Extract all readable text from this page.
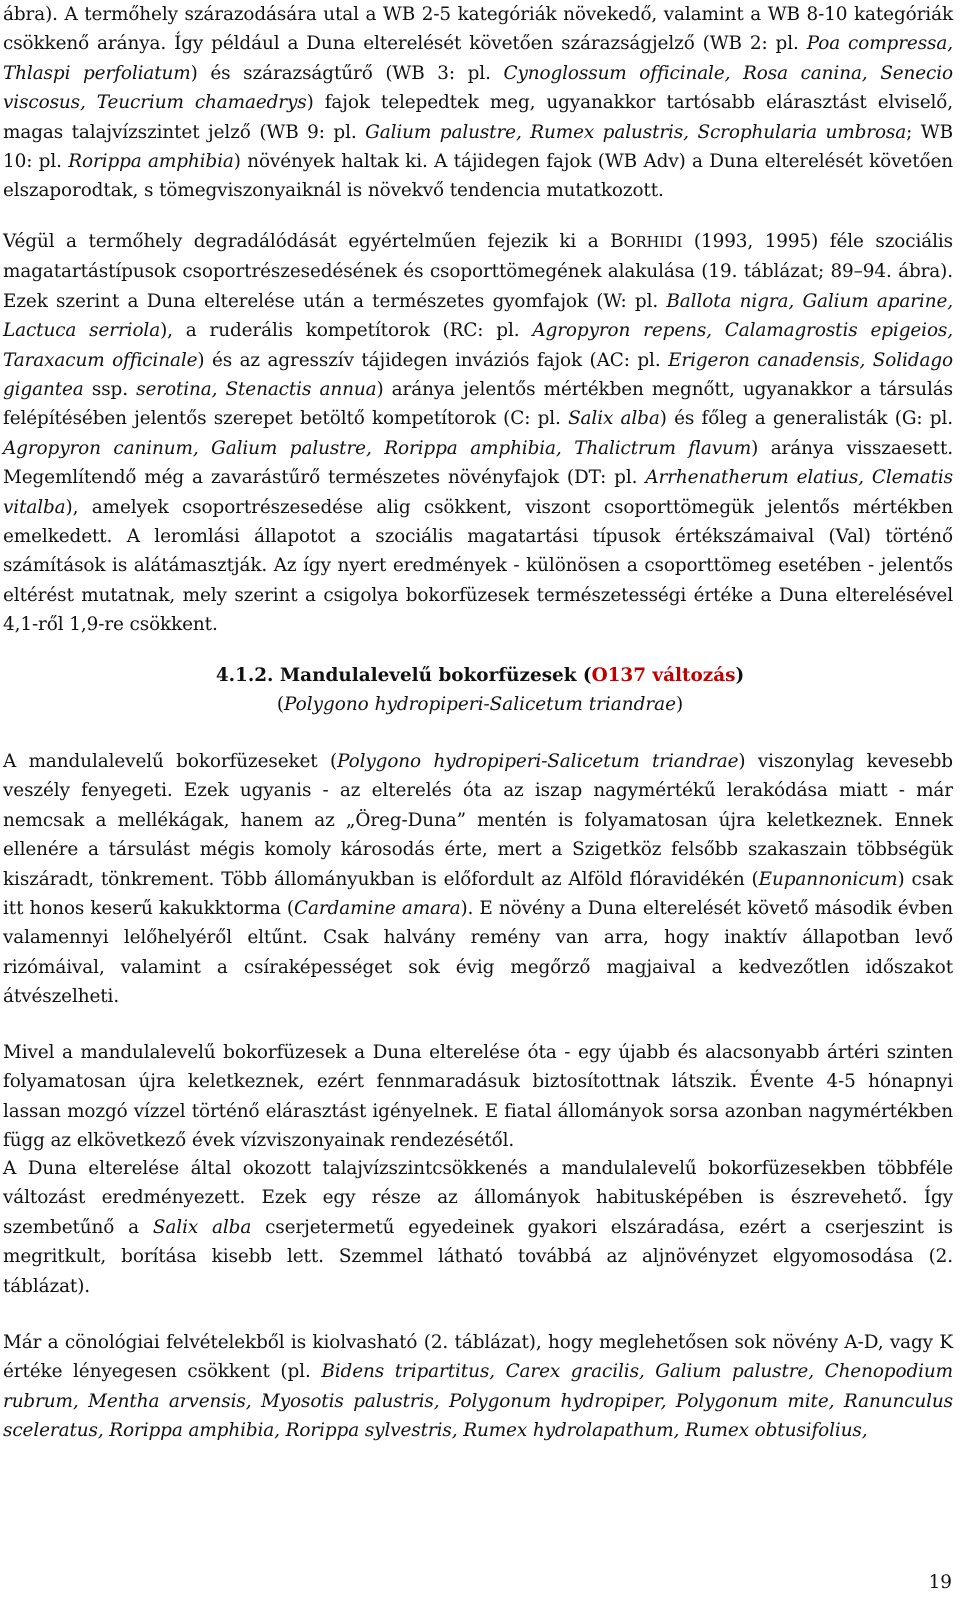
ábra). A termőhely szárazodására utal a WB 2-5 kategóriák növekedő, valamint a WB 8-10 kategóriák csökkenő aránya. Így például a Duna elterelését követően szárazságjelző (WB 2: pl. Poa compressa, Thlaspi perfoliatum) és szárazságtűrő (WB 3: pl. Cynoglossum officinale, Rosa canina, Senecio viscosus, Teucrium chamaedrys) fajok telepedtek meg, ugyanakkor tartósabb elárasztást elviselő, magas talajvízszintet jelző (WB 9: pl. Galium palustre, Rumex palustris, Scrophularia umbrosa; WB 10: pl. Rorippa amphibia) növények haltak ki. A tájidegen fajok (WB Adv) a Duna elterelését követően elszaporodtak, s tömegviszonyaiknál is növekvő tendencia mutatkozott.

Végül a termőhely degradálódását egyértelműen fejezik ki a BORHIDI (1993, 1995) féle szociális magatartástípusok csoportrészesedésének és csoporttömegének alakulása (19. táblázat; 89–94. ábra). Ezek szerint a Duna elterelése után a természetes gyomfajok (W: pl. Ballota nigra, Galium aparine, Lactuca serriola), a ruderális kompetítorok (RC: pl. Agropyron repens, Calamagrostis epigeios, Taraxacum officinale) és az agresszív tájidegen inváziós fajok (AC: pl. Erigeron canadensis, Solidago gigantea ssp. serotina, Stenactis annua) aránya jelentős mértékben megnőtt, ugyanakkor a társulás felépítésében jelentős szerepet betöltő kompetítorok (C: pl. Salix alba) és főleg a generalisták (G: pl. Agropyron caninum, Galium palustre, Rorippa amphibia, Thalictrum flavum) aránya visszaesett. Megemlítendő még a zavarástűrő természetes növényfajok (DT: pl. Arrhenatherum elatius, Clematis vitalba), amelyek csoportrészesedése alig csökkent, viszont csoporttömegük jelentős mértékben emelkedett. A leromlási állapotot a szociális magatartási típusok értékszámaival (Val) történő számítások is alátámasztják. Az így nyert eredmények - különösen a csoporttömeg esetében - jelentős eltérést mutatnak, mely szerint a csigolya bokorfüzesek természetességi értéke a Duna elterelésével 4,1-ről 1,9-re csökkent.

4.1.2. Mandulalevelű bokorfüzesek (O137 változás)
(Polygono hydropiperi-Salicetum triandrae)

A mandulalevelű bokorfüzeseket (Polygono hydropiperi-Salicetum triandrae) viszonylag kevesebb veszély fenyegeti. Ezek ugyanis - az elterelés óta az iszap nagymértékű lerakódása miatt - már nemcsak a mellékágak, hanem az „Öreg-Duna” mentén is folyamatosan újra keletkeznek. Ennek ellenére a társulást mégis komoly károsodás érte, mert a Szigetköz felsőbb szakaszain többségük kiszáradt, tönkrement. Több állományukban is előfordult az Alföld flóravidékén (Eupannonicum) csak itt honos keserű kakukktorma (Cardamine amara). E növény a Duna elterelését követő második évben valamennyi lelőhelyéről eltűnt. Csak halvány remény van arra, hogy inaktív állapotban levő rizómáival, valamint a csíraképességet sok évig megőrző magjaival a kedvezőtlen időszakot átvészelheti.

Mivel a mandulalevelű bokorfüzesek a Duna elterelése óta - egy újabb és alacsonyabb ártéri szinten folyamatosan újra keletkeznek, ezért fennmaradásuk biztosítottnak látszik. Évente 4-5 hónapnyi lassan mozgó vízzel történő elárasztást igényelnek. E fiatal állományok sorsa azonban nagymértékben függ az elkövetkező évek vízviszonyainak rendezésétől.

A Duna elterelése által okozott talajvízszintcsökkenés a mandulalevelű bokorfüzesekben többféle változást eredményezett. Ezek egy része az állományok habitusképében is észrevehető. Így szembetűnő a Salix alba cserjetermetű egyedeinek gyakori elszáradása, ezért a cserjeszint is megritkult, borítása kisebb lett. Szemmel látható továbbá az aljnövényzet elgyomosodása (2. táblázat).

Már a cönológiai felvételekből is kiolvasható (2. táblázat), hogy meglehetősen sok növény A-D, vagy K értéke lényegesen csökkent (pl. Bidens tripartitus, Carex gracilis, Galium palustre, Chenopodium rubrum, Mentha arvensis, Myosotis palustris, Polygonum hydropiper, Polygonum mite, Ranunculus sceleratus, Rorippa amphibia, Rorippa sylvestris, Rumex hydrolapathum, Rumex obtusifolius,

19
